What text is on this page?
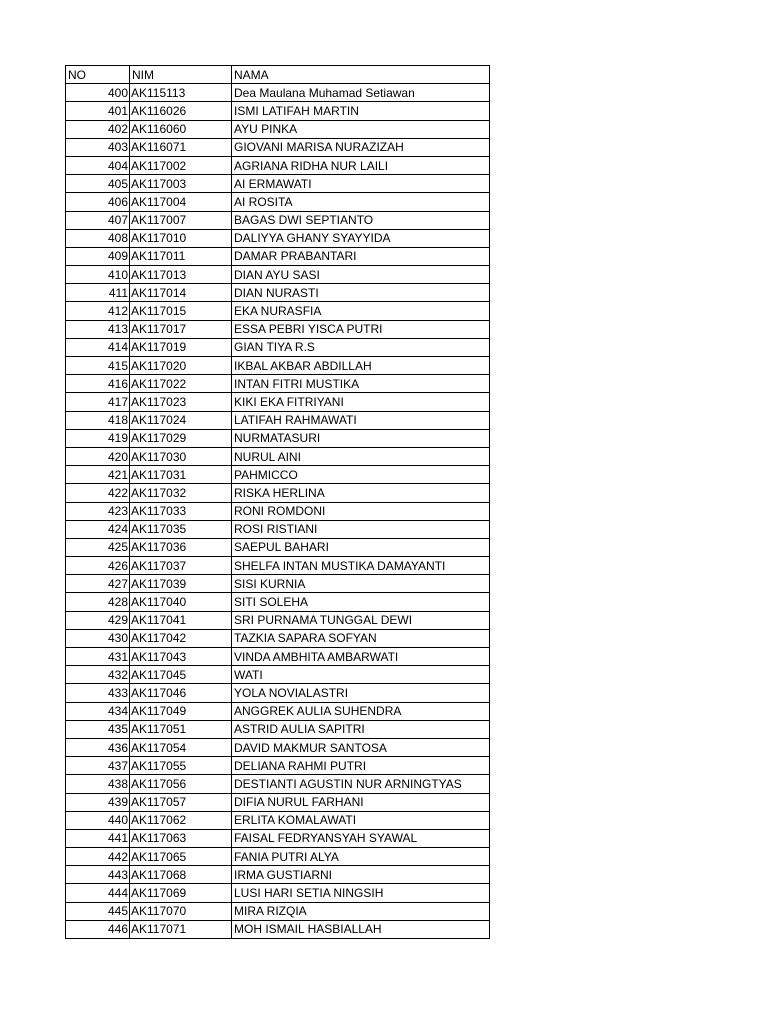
NO	NIM	NAMA
400	AK115113	Dea Maulana Muhamad Setiawan
401	AK116026	ISMI LATIFAH MARTIN
402	AK116060	AYU PINKA
403	AK116071	GIOVANI MARISA NURAZIZAH
404	AK117002	AGRIANA RIDHA NUR LAILI
405	AK117003	AI ERMAWATI
406	AK117004	AI ROSITA
407	AK117007	BAGAS DWI SEPTIANTO
408	AK117010	DALIYYA GHANY SYAYYIDA
409	AK117011	DAMAR PRABANTARI
410	AK117013	DIAN AYU SASI
411	AK117014	DIAN NURASTI
412	AK117015	EKA NURASFIA
413	AK117017	ESSA PEBRI YISCA PUTRI
414	AK117019	GIAN TIYA R.S
415	AK117020	IKBAL AKBAR ABDILLAH
416	AK117022	INTAN FITRI MUSTIKA
417	AK117023	KIKI EKA FITRIYANI
418	AK117024	LATIFAH RAHMAWATI
419	AK117029	NURMATASURI
420	AK117030	NURUL AINI
421	AK117031	PAHMICCO
422	AK117032	RISKA HERLINA
423	AK117033	RONI ROMDONI
424	AK117035	ROSI RISTIANI
425	AK117036	SAEPUL BAHARI
426	AK117037	SHELFA INTAN MUSTIKA DAMAYANTI
427	AK117039	SISI KURNIA
428	AK117040	SITI SOLEHA
429	AK117041	SRI PURNAMA TUNGGAL DEWI
430	AK117042	TAZKIA SAPARA SOFYAN
431	AK117043	VINDA AMBHITA AMBARWATI
432	AK117045	WATI
433	AK117046	YOLA NOVIALASTRI
434	AK117049	ANGGREK AULIA SUHENDRA
435	AK117051	ASTRID AULIA SAPITRI
436	AK117054	DAVID MAKMUR SANTOSA
437	AK117055	DELIANA RAHMI PUTRI
438	AK117056	DESTIANTI AGUSTIN NUR ARNINGTYAS
439	AK117057	DIFIA NURUL FARHANI
440	AK117062	ERLITA KOMALAWATI
441	AK117063	FAISAL FEDRYANSYAH SYAWAL
442	AK117065	FANIA PUTRI ALYA
443	AK117068	IRMA GUSTIARNI
444	AK117069	LUSI HARI SETIA NINGSIH
445	AK117070	MIRA RIZQIA
446	AK117071	MOH ISMAIL HASBIALLAH
